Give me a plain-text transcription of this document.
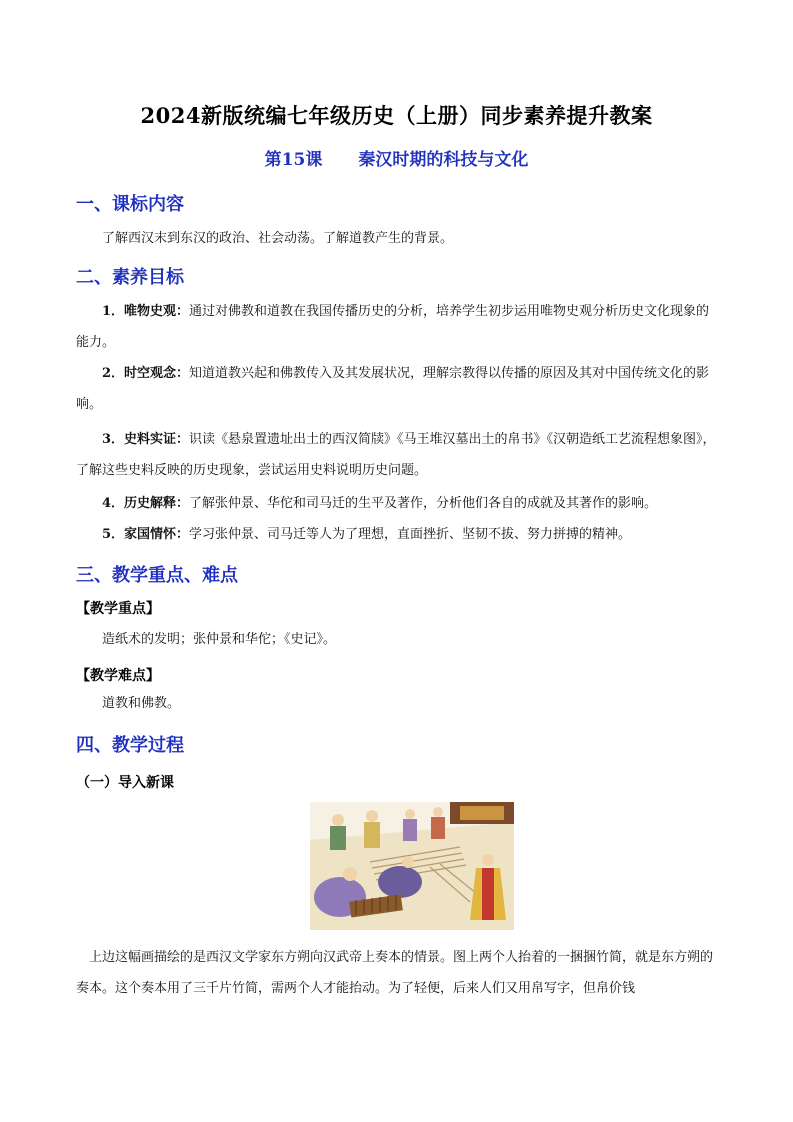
2024新版统编七年级历史（上册）同步素养提升教案
第15课 秦汉时期的科技与文化
一、课标内容
了解西汉末到东汉的政治、社会动荡。了解道教产生的背景。
二、素养目标
1．唯物史观：通过对佛教和道教在我国传播历史的分析，培养学生初步运用唯物史观分析历史文化现象的能力。
2．时空观念：知道道教兴起和佛教传入及其发展状况，理解宗教得以传播的原因及其对中国传统文化的影响。
3．史料实证：识读《悬泉置遗址出土的西汉简牍》《马王堆汉墓出土的帛书》《汉朝造纸工艺流程想象图》，了解这些史料反映的历史现象，尝试运用史料说明历史问题。
4．历史解释：了解张仲景、华佗和司马迁的生平及著作，分析他们各自的成就及其著作的影响。
5．家国情怀：学习张仲景、司马迁等人为了理想，直面挫折、坚韧不拔、努力拼搏的精神。
三、教学重点、难点
【教学重点】
造纸术的发明；张仲景和华佗；《史记》。
【教学难点】
道教和佛教。
四、教学过程
（一）导入新课
上边这幅画描绘的是西汉文学家东方朔向汉武帝上奏本的情景。图上两个人抬着的一捆捆竹简，就是东方朔的奏本。这个奏本用了三千片竹简，需两个人才能抬动。为了轻便，后来人们又用帛写字，但帛价钱
